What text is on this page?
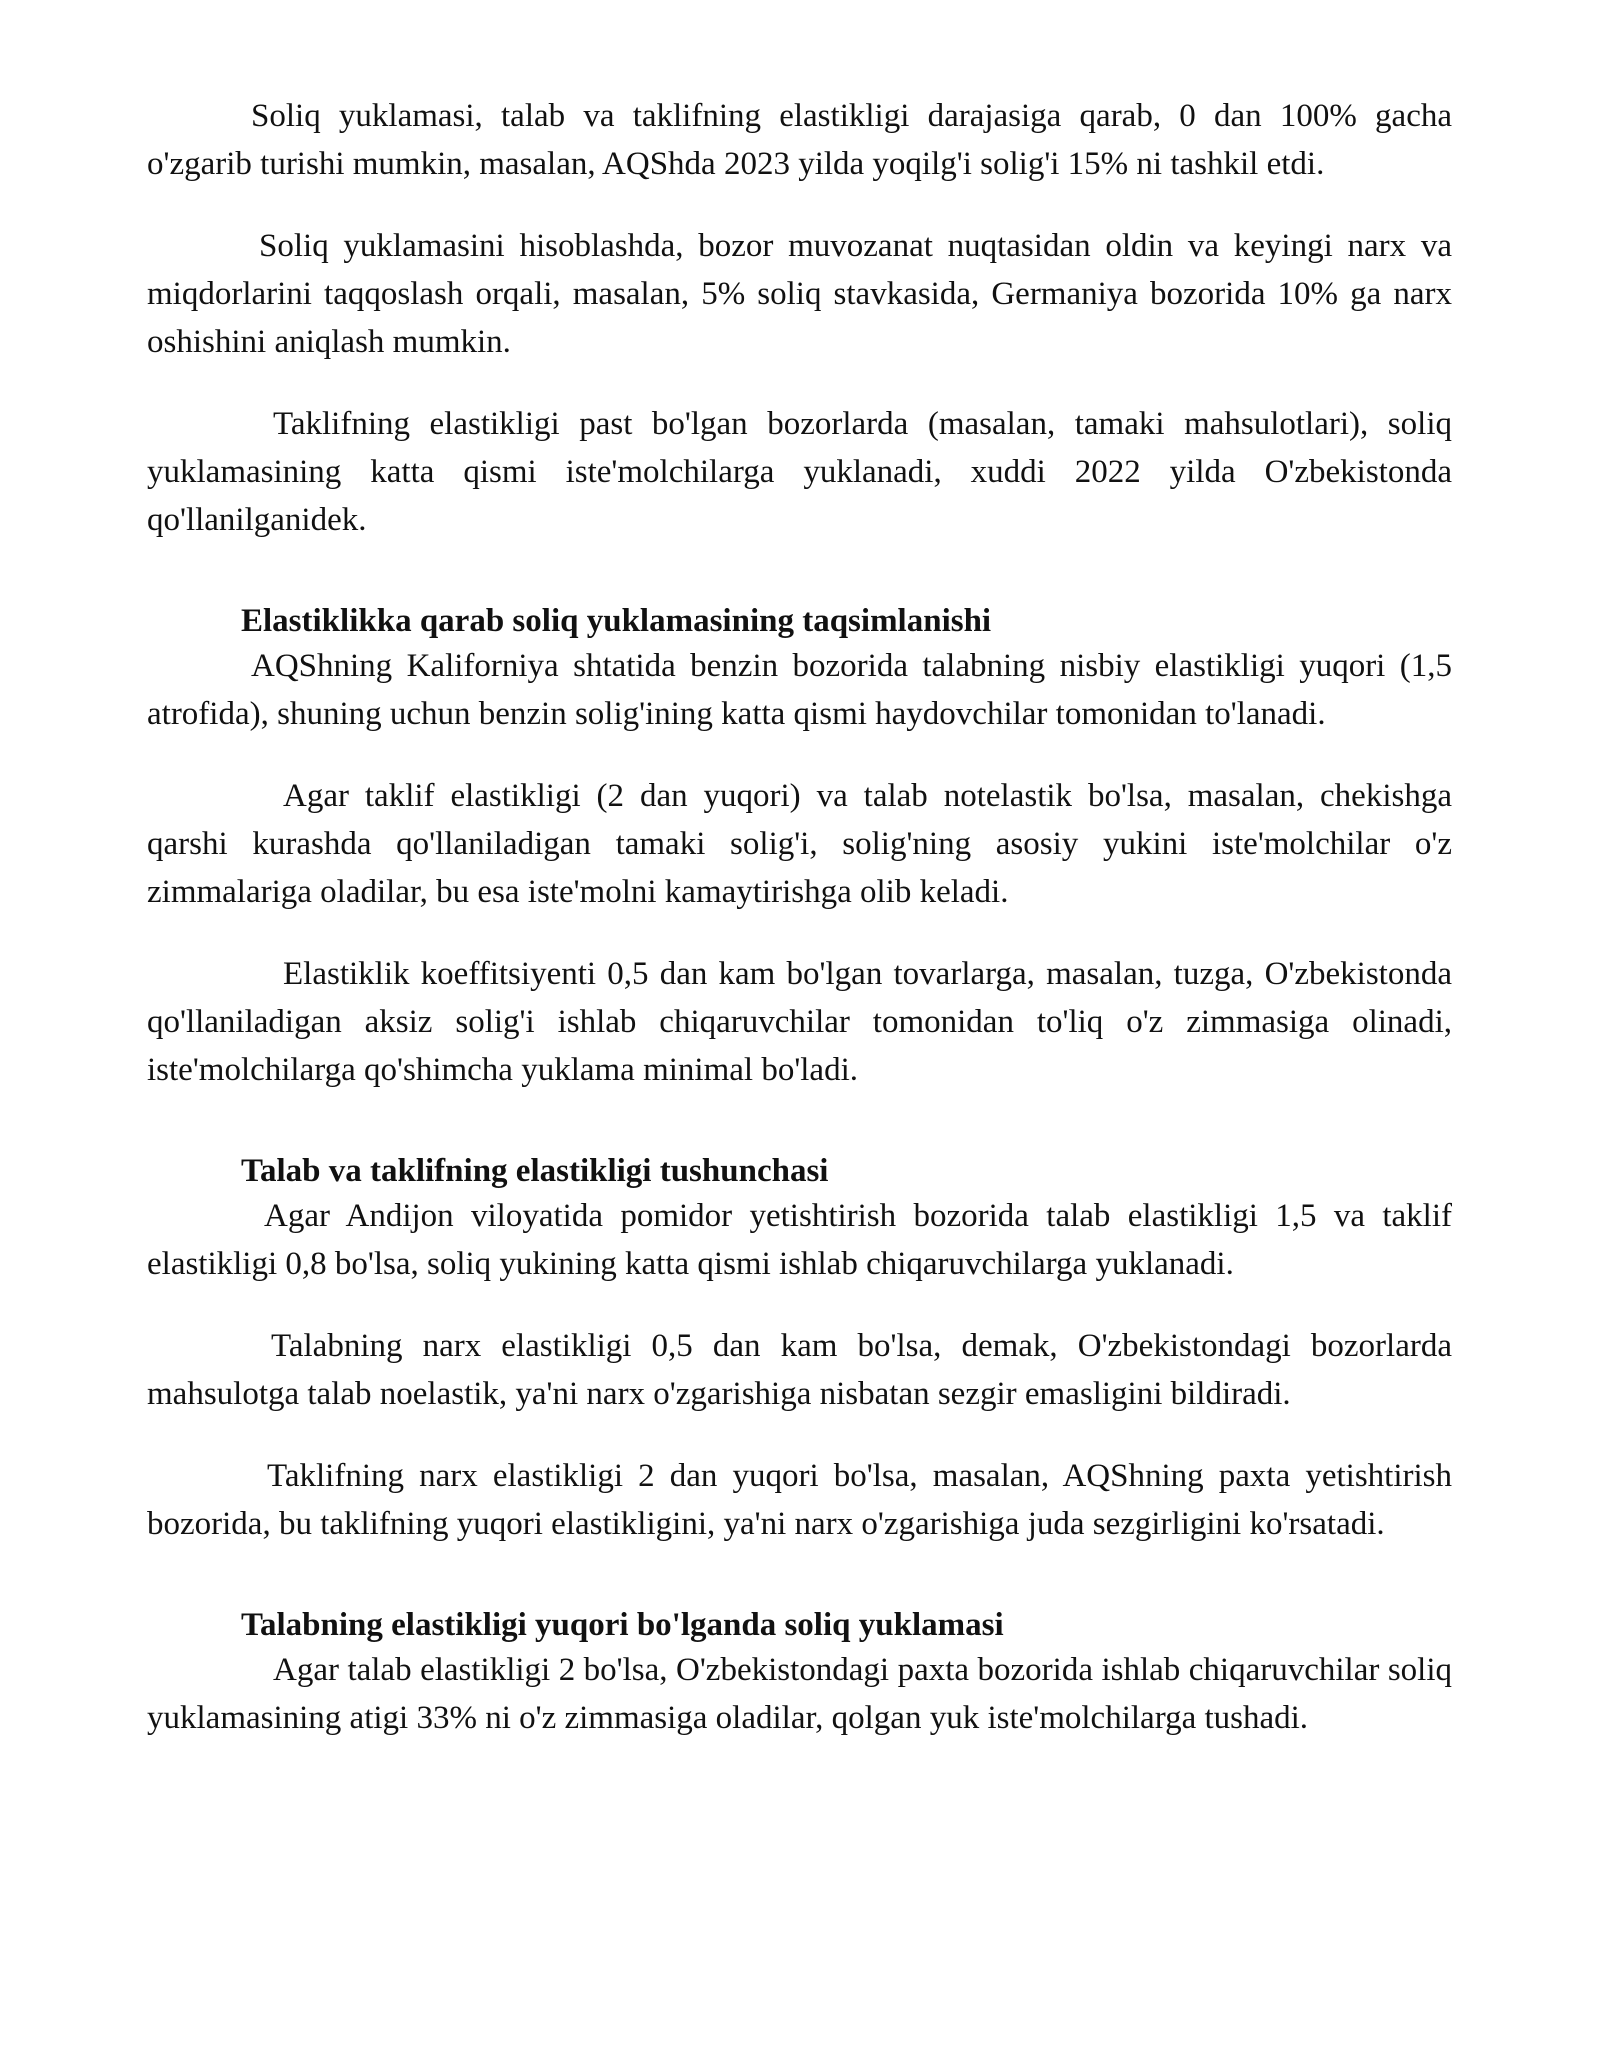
Soliq yuklamasi, talab va taklifning elastikligi darajasiga qarab, 0 dan 100% gacha o'zgarib turishi mumkin, masalan, AQShda 2023 yilda yoqilg'i solig'i 15% ni tashkil etdi.

Soliq yuklamasini hisoblashda, bozor muvozanat nuqtasidan oldin va keyingi narx va miqdorlarini taqqoslash orqali, masalan, 5% soliq stavkasida, Germaniya bozorida 10% ga narx oshishini aniqlash mumkin.

Taklifning elastikligi past bo'lgan bozorlarda (masalan, tamaki mahsulotlari), soliq yuklamasining katta qismi iste'molchilarga yuklanadi, xuddi 2022 yilda O'zbekistonda qo'llanilganidek.

Elastiklikka qarab soliq yuklamasining taqsimlanishi

AQShning Kaliforniya shtatida benzin bozorida talabning nisbiy elastikligi yuqori (1,5 atrofida), shuning uchun benzin solig'ining katta qismi haydovchilar tomonidan to'lanadi.

Agar taklif elastikligi (2 dan yuqori) va talab notelastik bo'lsa, masalan, chekishga qarshi kurashda qo'llaniladigan tamaki solig'i, solig'ning asosiy yukini iste'molchilar o'z zimmalariga oladilar, bu esa iste'molni kamaytirishga olib keladi.

Elastiklik koeffitsiyenti 0,5 dan kam bo'lgan tovarlarga, masalan, tuzga, O'zbekistonda qo'llaniladigan aksiz solig'i ishlab chiqaruvchilar tomonidan to'liq o'z zimmasiga olinadi, iste'molchilarga qo'shimcha yuklama minimal bo'ladi.

Talab va taklifning elastikligi tushunchasi

Agar Andijon viloyatida pomidor yetishtirish bozorida talab elastikligi 1,5 va taklif elastikligi 0,8 bo'lsa, soliq yukining katta qismi ishlab chiqaruvchilarga yuklanadi.

Talabning narx elastikligi 0,5 dan kam bo'lsa, demak, O'zbekistondagi bozorlarda mahsulotga talab noelastik, ya'ni narx o'zgarishiga nisbatan sezgir emasligini bildiradi.

Taklifning narx elastikligi 2 dan yuqori bo'lsa, masalan, AQShning paxta yetishtirish bozorida, bu taklifning yuqori elastikligini, ya'ni narx o'zgarishiga juda sezgirligini ko'rsatadi.

Talabning elastikligi yuqori bo'lganda soliq yuklamasi

Agar talab elastikligi 2 bo'lsa, O'zbekistondagi paxta bozorida ishlab chiqaruvchilar soliq yuklamasining atigi 33% ni o'z zimmasiga oladilar, qolgan yuk iste'molchilarga tushadi.
